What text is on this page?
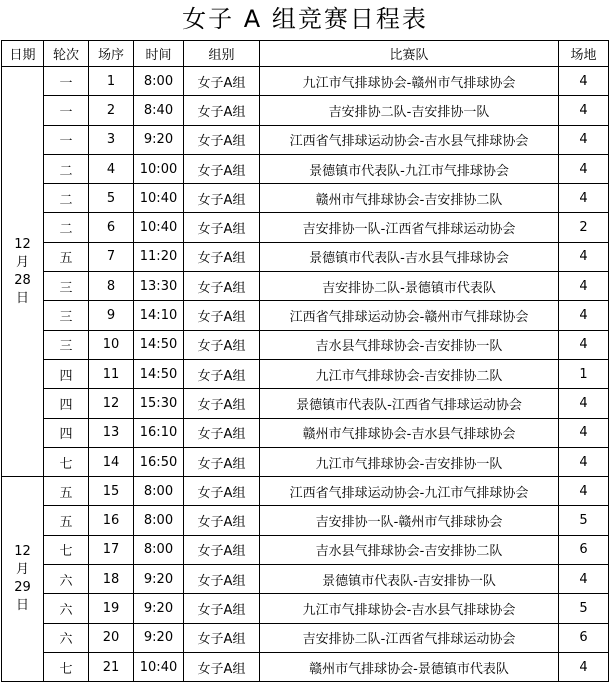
女子 A 组竞赛日程表
日期	轮次	场序	时间	组别	比赛队	场地

12
月
28
日	一	1	8:00	女子A组	九江市气排球协会-赣州市气排球协会	4
	一	2	8:40	女子A组	吉安排协二队-吉安排协一队	4
	一	3	9:20	女子A组	江西省气排球运动协会-吉水县气排球协会	4
	二	4	10:00	女子A组	景德镇市代表队-九江市气排球协会	4
	二	5	10:40	女子A组	赣州市气排球协会-吉安排协二队	4
	二	6	10:40	女子A组	吉安排协一队-江西省气排球运动协会	2
	五	7	11:20	女子A组	景德镇市代表队-吉水县气排球协会	4
	三	8	13:30	女子A组	吉安排协二队-景德镇市代表队	4
	三	9	14:10	女子A组	江西省气排球运动协会-赣州市气排球协会	4
	三	10	14:50	女子A组	吉水县气排球协会-吉安排协一队	4
	四	11	14:50	女子A组	九江市气排球协会-吉安排协二队	1
	四	12	15:30	女子A组	景德镇市代表队-江西省气排球运动协会	4
	四	13	16:10	女子A组	赣州市气排球协会-吉水县气排球协会	4
	七	14	16:50	女子A组	九江市气排球协会-吉安排协一队	4

12
月
29
日	五	15	8:00	女子A组	江西省气排球运动协会-九江市气排球协会	4
	五	16	8:00	女子A组	吉安排协一队-赣州市气排球协会	5
	七	17	8:00	女子A组	吉水县气排球协会-吉安排协二队	6
	六	18	9:20	女子A组	景德镇市代表队-吉安排协一队	4
	六	19	9:20	女子A组	九江市气排球协会-吉水县气排球协会	5
	六	20	9:20	女子A组	吉安排协二队-江西省气排球运动协会	6
	七	21	10:40	女子A组	赣州市气排球协会-景德镇市代表队	4
